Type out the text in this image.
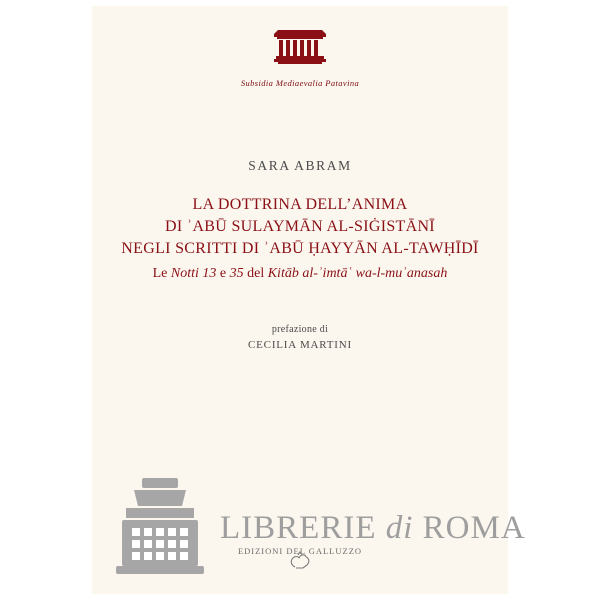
Subsidia Mediaevalia Patavina
SARA ABRAM
LA DOTTRINA DELL’ANIMA
DI ʾABŪ SULAYMĀN AL-SIĠISTĀNĪ
NEGLI SCRITTI DI ʾABŪ ḤAYYĀN AL-TAWḤĪDĪ
Le Notti 13 e 35 del Kitāb al-ʾimtāʿ wa-l-muʾanasah
prefazione di
CECILIA MARTINI
EDIZIONI DEL GALLUZZO
LIBRERIE di ROMA
